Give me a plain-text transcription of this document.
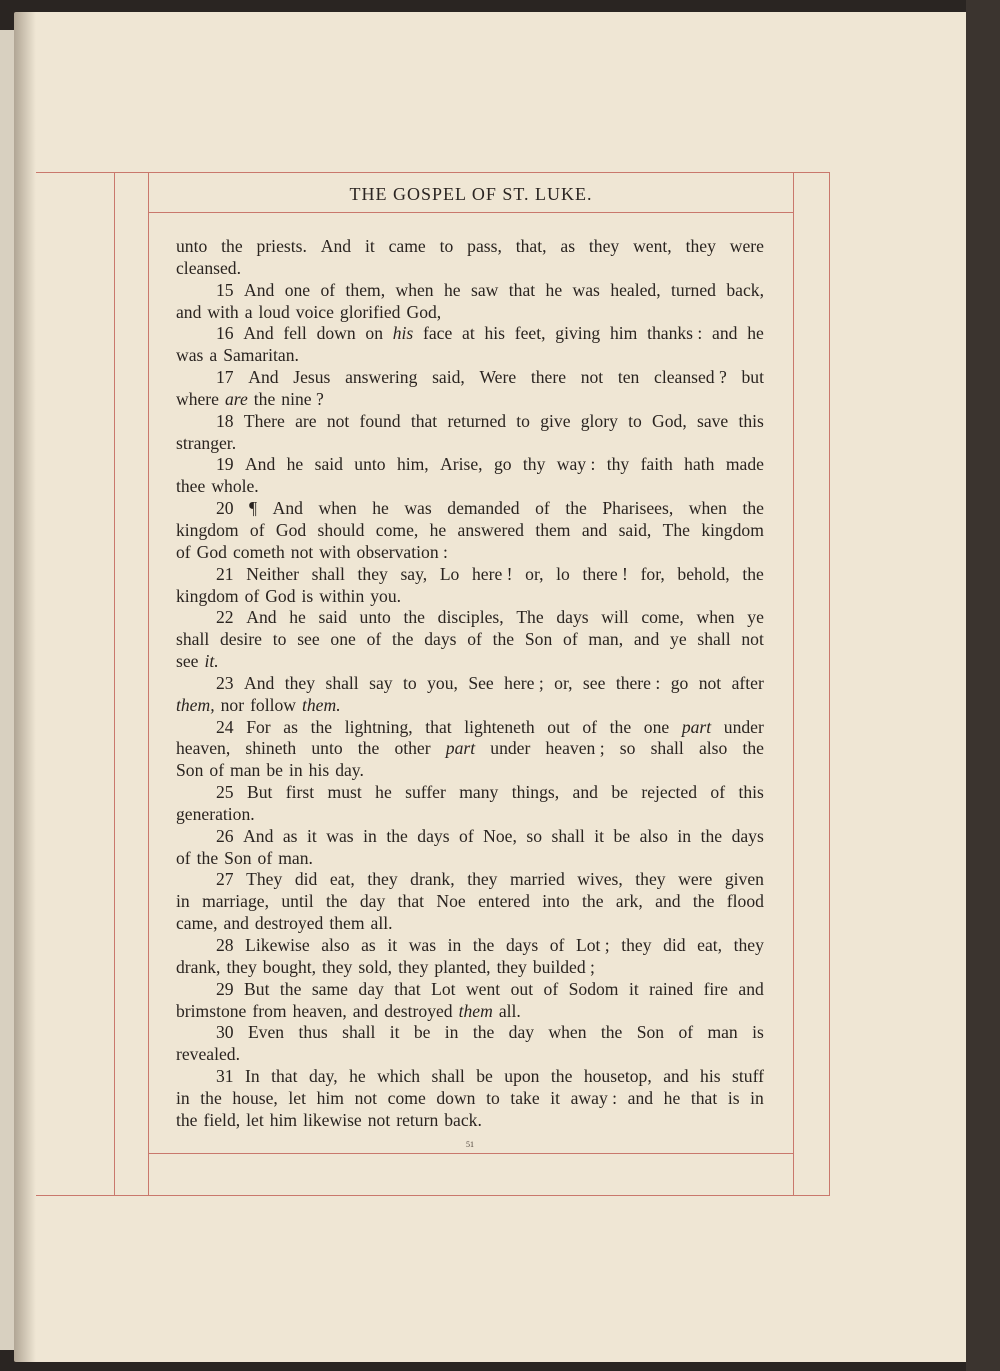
THE GOSPEL OF ST. LUKE.
unto the priests. And it came to pass, that, as they went, they were
cleansed.
15 And one of them, when he saw that he was healed, turned back,
and with a loud voice glorified God,
16 And fell down on his face at his feet, giving him thanks : and he
was a Samaritan.
17 And Jesus answering said, Were there not ten cleansed ? but
where are the nine ?
18 There are not found that returned to give glory to God, save this
stranger.
19 And he said unto him, Arise, go thy way : thy faith hath made
thee whole.
20 ¶ And when he was demanded of the Pharisees, when the
kingdom of God should come, he answered them and said, The kingdom
of God cometh not with observation :
21 Neither shall they say, Lo here ! or, lo there ! for, behold, the
kingdom of God is within you.
22 And he said unto the disciples, The days will come, when ye
shall desire to see one of the days of the Son of man, and ye shall not
see it.
23 And they shall say to you, See here ; or, see there : go not after
them, nor follow them.
24 For as the lightning, that lighteneth out of the one part under
heaven, shineth unto the other part under heaven ; so shall also the
Son of man be in his day.
25 But first must he suffer many things, and be rejected of this
generation.
26 And as it was in the days of Noe, so shall it be also in the days
of the Son of man.
27 They did eat, they drank, they married wives, they were given
in marriage, until the day that Noe entered into the ark, and the flood
came, and destroyed them all.
28 Likewise also as it was in the days of Lot ; they did eat, they
drank, they bought, they sold, they planted, they builded ;
29 But the same day that Lot went out of Sodom it rained fire and
brimstone from heaven, and destroyed them all.
30 Even thus shall it be in the day when the Son of man is
revealed.
31 In that day, he which shall be upon the housetop, and his stuff
in the house, let him not come down to take it away : and he that is in
the field, let him likewise not return back.
51
